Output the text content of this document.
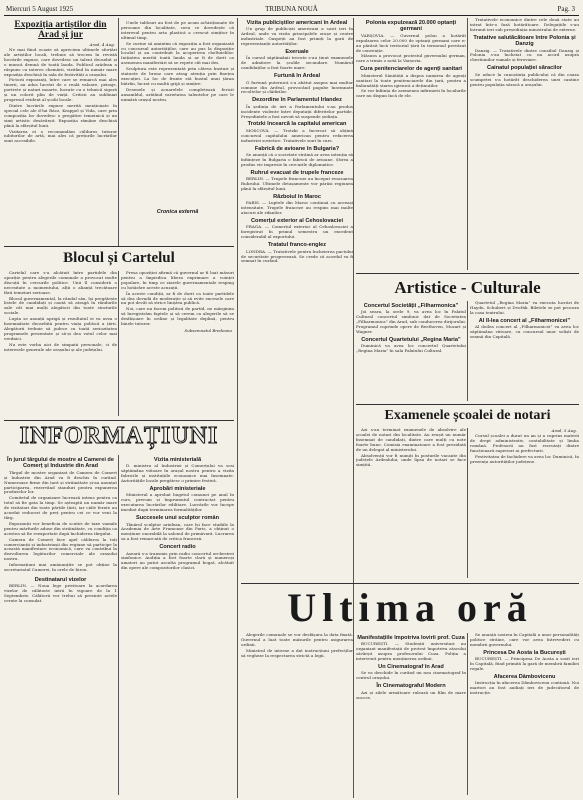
Miercuri 5 August 1925	TRIBUNA NOUĂ	Pag. 3
Expoziția artiștilor din Arad și jur
Arad, 4 Aug.

Ne mai fiind ocazie să apreciem ultimele sforțări ale artiștilor locali, trebuie să trecem în revistă lucrările expuse, care dovedesc un talent deosebit și o muncă demnă de toată lauda. Publicul arădean a răspuns cu interes chemării, vizitând în număr mare expoziția deschisă în sala de festivități a orașului.

Pictorii expozanți, între care se remarcă mai ales tinerii, au adus lucrări de o reală valoare, peisaje, portrete și naturi moarte, lucrate cu o tehnică sigură și un colorit plin de viață. Criticii au subliniat progresul evident al școlii locale.

Dintre lucrările expuse merită menționate în special cele ale d-lui Rácz, Krappel și Vida, care prin compoziția lor dovedesc o pregătire temeinică și un simț artistic desăvârșit. Expoziția rămâne deschisă până la sfârșitul lunii.

Vizitarea ei o recomandăm călduros tuturor iubitorilor de artă, mai ales că prețurile lucrărilor sunt accesibile.

Unele tablouri au fost de pe acum achiziționate de persoane din localitate, ceea ce dovedește că interesul pentru arta plastică a crescut simțitor în ultimul timp.

Se cuvine să amintim că expoziția a fost organizată cu concursul autorităților, care au pus la dispoziție localul și au contribuit la acoperirea cheltuielilor. Inițiativa merită toată lauda și ar fi de dorit ca asemenea manifestări să se repete cât mai des.

Sculptura este reprezentată prin câteva busturi și statuete de bronz care atrag atenția prin finețea execuției. La loc de frunte stă bustul unui țăran bătrân, lucrat cu multă grijă și simțire.

Desenele și acuarelele completează fericit ansamblul, arătând varietatea talentelor pe care le numără orașul nostru.

Cronica externă
Blocul și Cartelul

Cartelul care s-a alcătuit între partidele din opoziție pentru alegerile comunale a provocat multe discuții în cercurile politice. Unii îl consideră o necesitate a momentului, alții o alianță trecătoare fără temeiuri serioase.

Blocul guvernamental, la rândul său, își pregătește listele de candidați și caută să atragă în rândurile sale cât mai mulți alegători din toate straturile sociale.

Lupta se anunță aprigă și rezultatul ei va avea o însemnătate deosebită pentru viața politică a țării. Alegătorii trebuie să judece cu toată seriozitatea programele prezentate și să-și dea votul celor mai vrednici.

Nu este vorba aici de simpatii personale, ci de interesele generale ale orașului și ale județului.

Presa opoziției afirmă că guvernul ar fi luat măsuri pentru a împiedica libera exprimare a voinței populare, în timp ce ziarele guvernamentale resping cu hotărâre aceste acuzații.

În aceste condiții, ar fi de dorit ca toate partidele să dea dovadă de moderație și să evite excesele care nu pot decât să strice liniștea publică.

Noi, care nu facem politică de partid, ne mărginim să înregistrăm faptele și să cerem ca alegerile să se desfășoare în ordine și legalitate deplină, pentru binele tuturor.

Subsemnatul Bredeanu
INFORMAȚIUNI
În jurul târgului de mostre al Camerei de Comerț și Industrie din Arad

Târgul de mostre organizat de Camera de Comerț și Industrie din Arad va fi deschis în curând. Numeroase firme din țară și străinătate și-au anunțat participarea, rezervând standuri pentru expunerea produselor lor.

Comitetul de organizare lucrează intens pentru ca totul să fie gata la timp. Se așteaptă un număr mare de vizitatori din toate părțile țării, iar căile ferate au acordat reduceri de preț pentru cei ce vor veni la târg.

Expozanții vor beneficia de scutiri de taxe vamale pentru mărfurile aduse din străinătate, cu condiția ca acestea să fie reexportate după închiderea târgului.

Camera de Comerț face apel călduros la toți comercianții și industriașii din regiune să participe la această manifestare economică, care va contribui la dezvoltarea legăturilor comerciale ale orașului nostru.

Informațiuni mai amănunțite se pot obține la secretariatul Camerei, în orele de birou.

Destinatarul vizelor

BERLIN. — Noua lege privitoare la acordarea vizelor de călătorie intră în vigoare de la 1 Septembrie. Călătorii vor trebui să prezinte actele cerute la consulat.

Vizita ministerială

D. ministru al Industriei și Comerțului va sosi săptămâna viitoare în orașul nostru pentru a vizita fabricile și instituțiile economice mai însemnate. Autoritățile locale pregătesc o primire festivă.

Aprobări ministeriale

Ministerul a aprobat bugetul comunei pe anul în curs, precum și împrumutul contractat pentru executarea lucrărilor edilitare. Lucrările vor începe imediat după terminarea formalităților.

Succesele unui sculptor român

Tânărul sculptor arădean, care își face studiile la Academia de Arte Frumoase din Paris, a obținut o mențiune onorabilă la salonul de primăvară. Lucrarea sa a fost remarcată de critica franceză.

Concert radio

Aseară s-a transmis prin radio concertul orchestrei simfonice. Audiția a fost foarte clară și numeroși amatori au putut asculta programul bogat, alcătuit din opere ale compozitorilor clasici.

Vizita publiciștilor americani în Ardeal

Un grup de publiciști americani a sosit ieri în Ardeal, unde va vizita principalele orașe și centre industriale. Oaspeții au fost primiți la gară de reprezentanții autorităților.

Exeruale

În cursul săptămânii trecute s-au ținut examenele de admitere la școlile secundare. Numărul candidaților a fost foarte mare.

Furtună în Ardeal

O furtună puternică s-a abătut asupra mai multor comune din Ardeal, provocând pagube însemnate recoltelor și clădirilor.

Dezordine în Parlamentul Irlandez

În ședința de ieri a Parlamentului s-au produs incidente violente între deputații diferitelor partide. Președintele a fost nevoit să suspende ședința.

Trotzki încearcă la capitalul american

MOSCOVA. — Trotzki a încercat să obțină concursul capitalului american pentru refacerea industriei sovietice. Tratativele sunt în curs.

Fabrică de avioane în Bulgaria?

Se anunță că o societate străină ar avea intenția să înființeze în Bulgaria o fabrică de avioane. Știrea a produs vie impresie în cercurile diplomatice.

Ruhrul evacuat de trupele franceze

BERLIN. — Trupele franceze au început evacuarea Ruhrului. Ultimele detașamente vor părăsi regiunea până la sfârșitul lunii.

Războiul în Maroc

PARIS. — Luptele din Maroc continuă cu aceeași intensitate. Trupele franceze au respins mai multe atacuri ale rifanilor.

Comerțul exterior al Cehoslovaciei

PRAGA. — Comerțul exterior al Cehoslovaciei a înregistrat în primul semestru un excedent considerabil al exportului.

Tratatul franco-englez

LONDRA. — Tratativele pentru încheierea pactului de securitate progresează. Se crede că acordul va fi semnat în curând.

Polonia expulzează 20.000 optanți germani

VARȘOVIA. — Guvernul polon a hotărât expulzarea celor 20.000 de optanți germani care n-au părăsit încă teritoriul țării în termenul prevăzut de convenție.

Măsura a provocat protestul guvernului german, care a trimis o notă la Varșovia.

Cura penitenciarelor de agenți sanitari

Ministerul Sănătății a dispus numirea de agenți sanitari la toate penitenciarele din țară, pentru a îmbunătăți starea igienică a deținuților.

Se vor înființa de asemenea infirmerii în localurile care nu dispun încă de ele.

Tratativele economice dintre cele două state au intrat într-o fază hotărâtoare. Delegațiile s-au întrunit ieri sub președinția ministrului de externe.

Tratative salutăcătoare între Polonia și Danzig

Danzig. — Tratativele dintre consiliul Danzig și Polonia s-au încheiat cu un acord asupra chestiunilor vamale și feroviare.

Cainatul populației săracilor

Se aduce la cunoștința publicului că din cauza scumpetei s-a hotărât deschiderea unei cantine pentru populația săracă a orașului.

Artistice - Culturale
Concertul Societății „Filharmonica”

Joi seara, la orele 9, va avea loc în Palatul Cultural concertul simfonic dat de Societatea „Filharmonica” din Arad, sub conducerea dirijorului. Programul cuprinde opere de Beethoven, Mozart și Wagner.

Concertul Quartetului „Regina Maria”

Duminică va avea loc concertul Quartetului „Regina Maria” în sala Palatului Cultural.

Quartetul „Regina Maria” va executa lucrări de Haydn, Schubert și Dvořák. Biletele se pot procura la casa teatrului.

Al II-lea concert al „Filharmonicei”

Al doilea concert al „Filharmonicei” va avea loc săptămâna viitoare, cu concursul unor soliști de seamă din Capitală.

Examenele școalei de notari

Azi s-au terminat examenele de absolvire ale școalei de notari din localitate. Au reușit un număr însemnat de candidați, dintre care mulți cu note foarte bune. Comisia examinatoare a fost prezidată de un delegat al ministerului.

Absolvenții vor fi numiți în posturile vacante din județele Ardealului, unde lipsa de notari se face simțită.

Arad, 5 Aug.

Cursul școalei a durat un an și a cuprins materii de drept administrativ, contabilitate și limba română. Profesorii au fost recrutați dintre funcționarii superiori ai prefecturii.

Festivitatea de închidere va avea loc Duminică, în prezența autorităților județene.

Ultima oră

Alegerile comunale se vor desfășura la data fixată. Guvernul a luat toate măsurile pentru asigurarea ordinii.

Ministrul de interne a dat instrucțiuni prefecților să vegheze la respectarea strictă a legii.

Manifestațiile împotriva lovirii prof. Cuza

BUCUREȘTI. — Studenții universitari au organizat manifestații de protest împotriva atacului săvârșit asupra profesorului Cuza. Poliția a intervenit pentru menținerea ordinii.

Un Cinematograf în Arad

Se va deschide în curând un nou cinematograf în centrul orașului.

În Cinematograful Modern

Azi și zilele următoare rulează un film de mare succes.

Se anunță sosirea în Capitală a unor personalități politice străine, care vor avea întrevederi cu membrii guvernului.

Princesa De Aosta la București

BUCUREȘTI. — Principesa De Aosta a sosit ieri în Capitală, fiind primită la gară de membrii familiei regale.

Afacerea Dâmbovicenu

Instrucția în afacerea Dâmbovicenu continuă. Noi martori au fost audiați ieri de judecătorul de instrucție.
